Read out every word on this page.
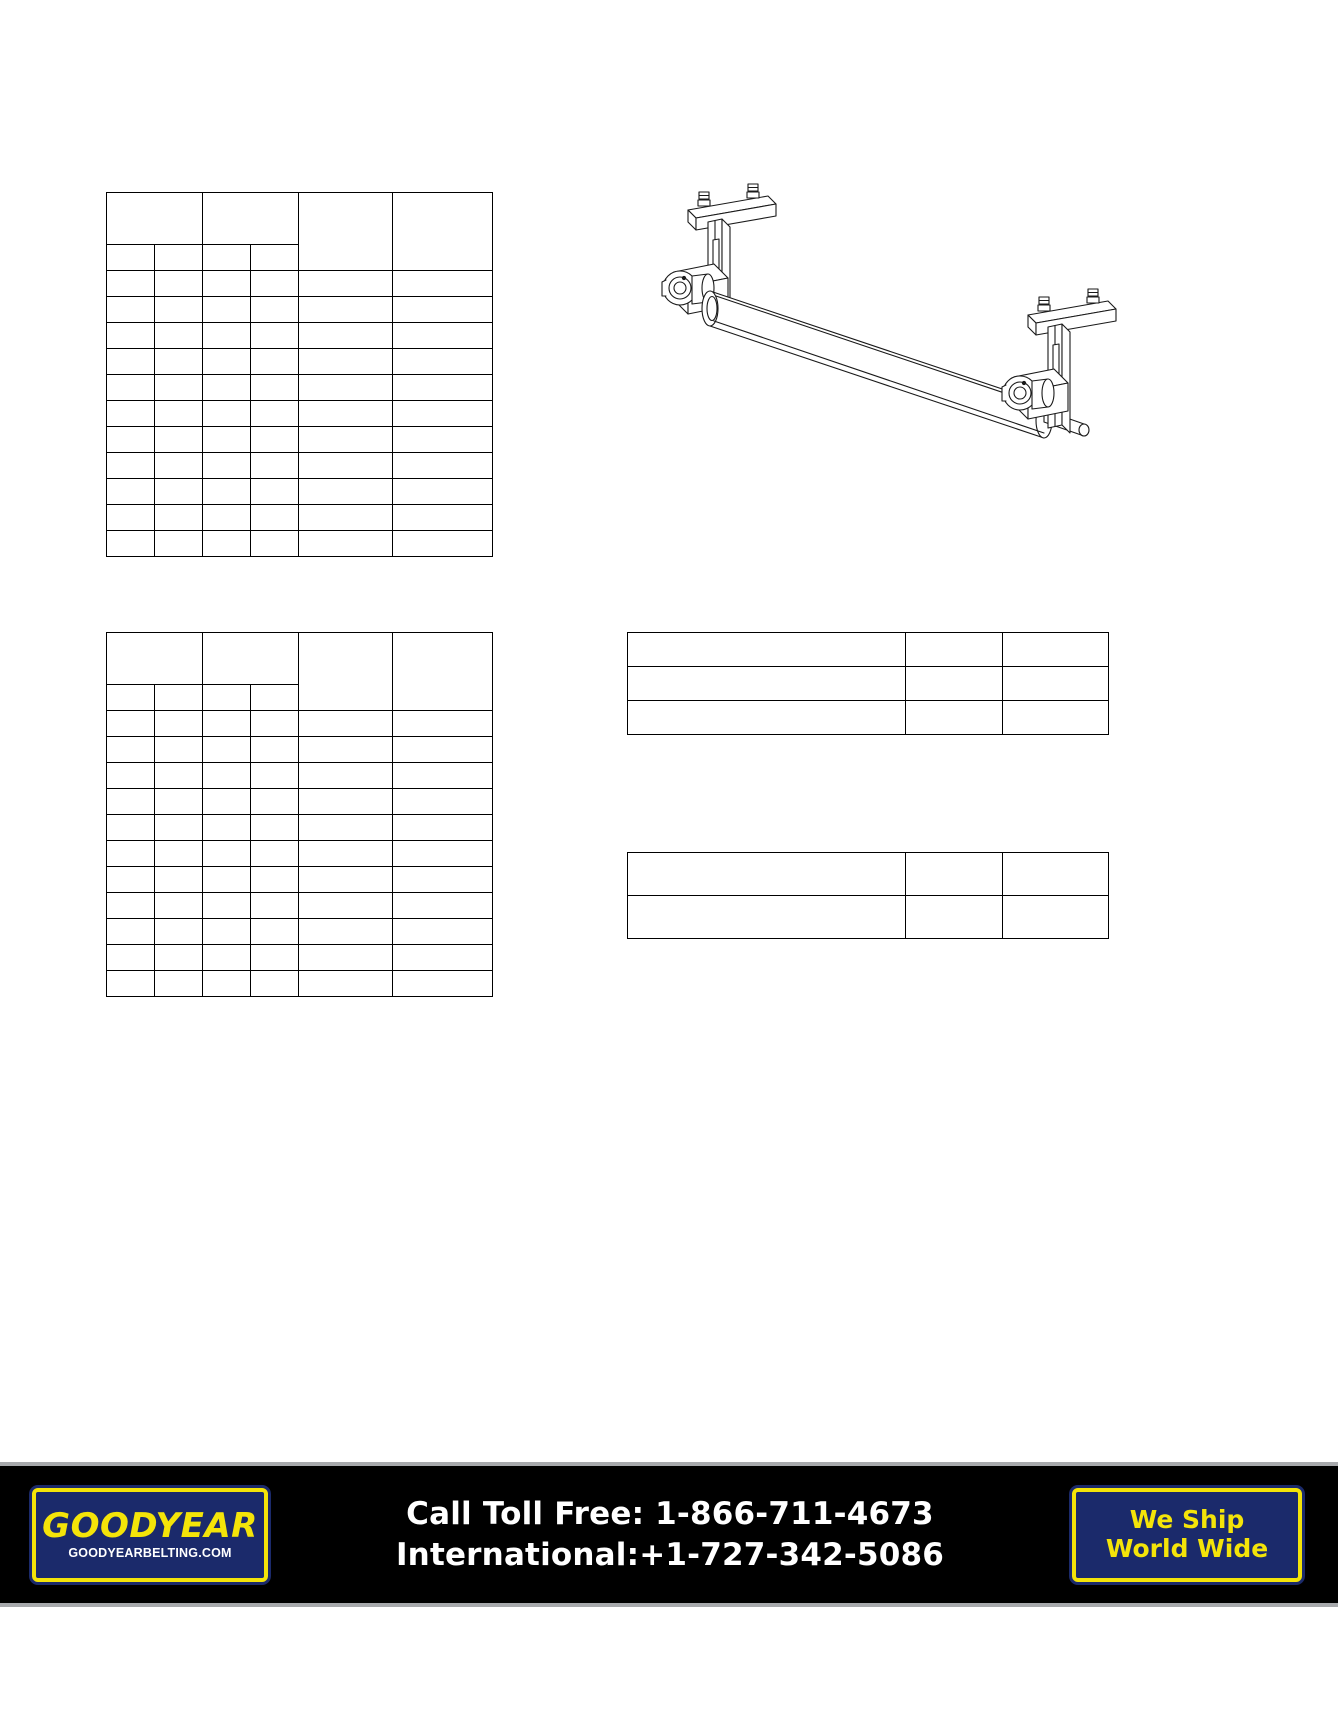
GOODYEAR
GOODYEARBELTING.COM
Call Toll Free: 1-866-711-4673
International:+1-727-342-5086
We Ship
World Wide
